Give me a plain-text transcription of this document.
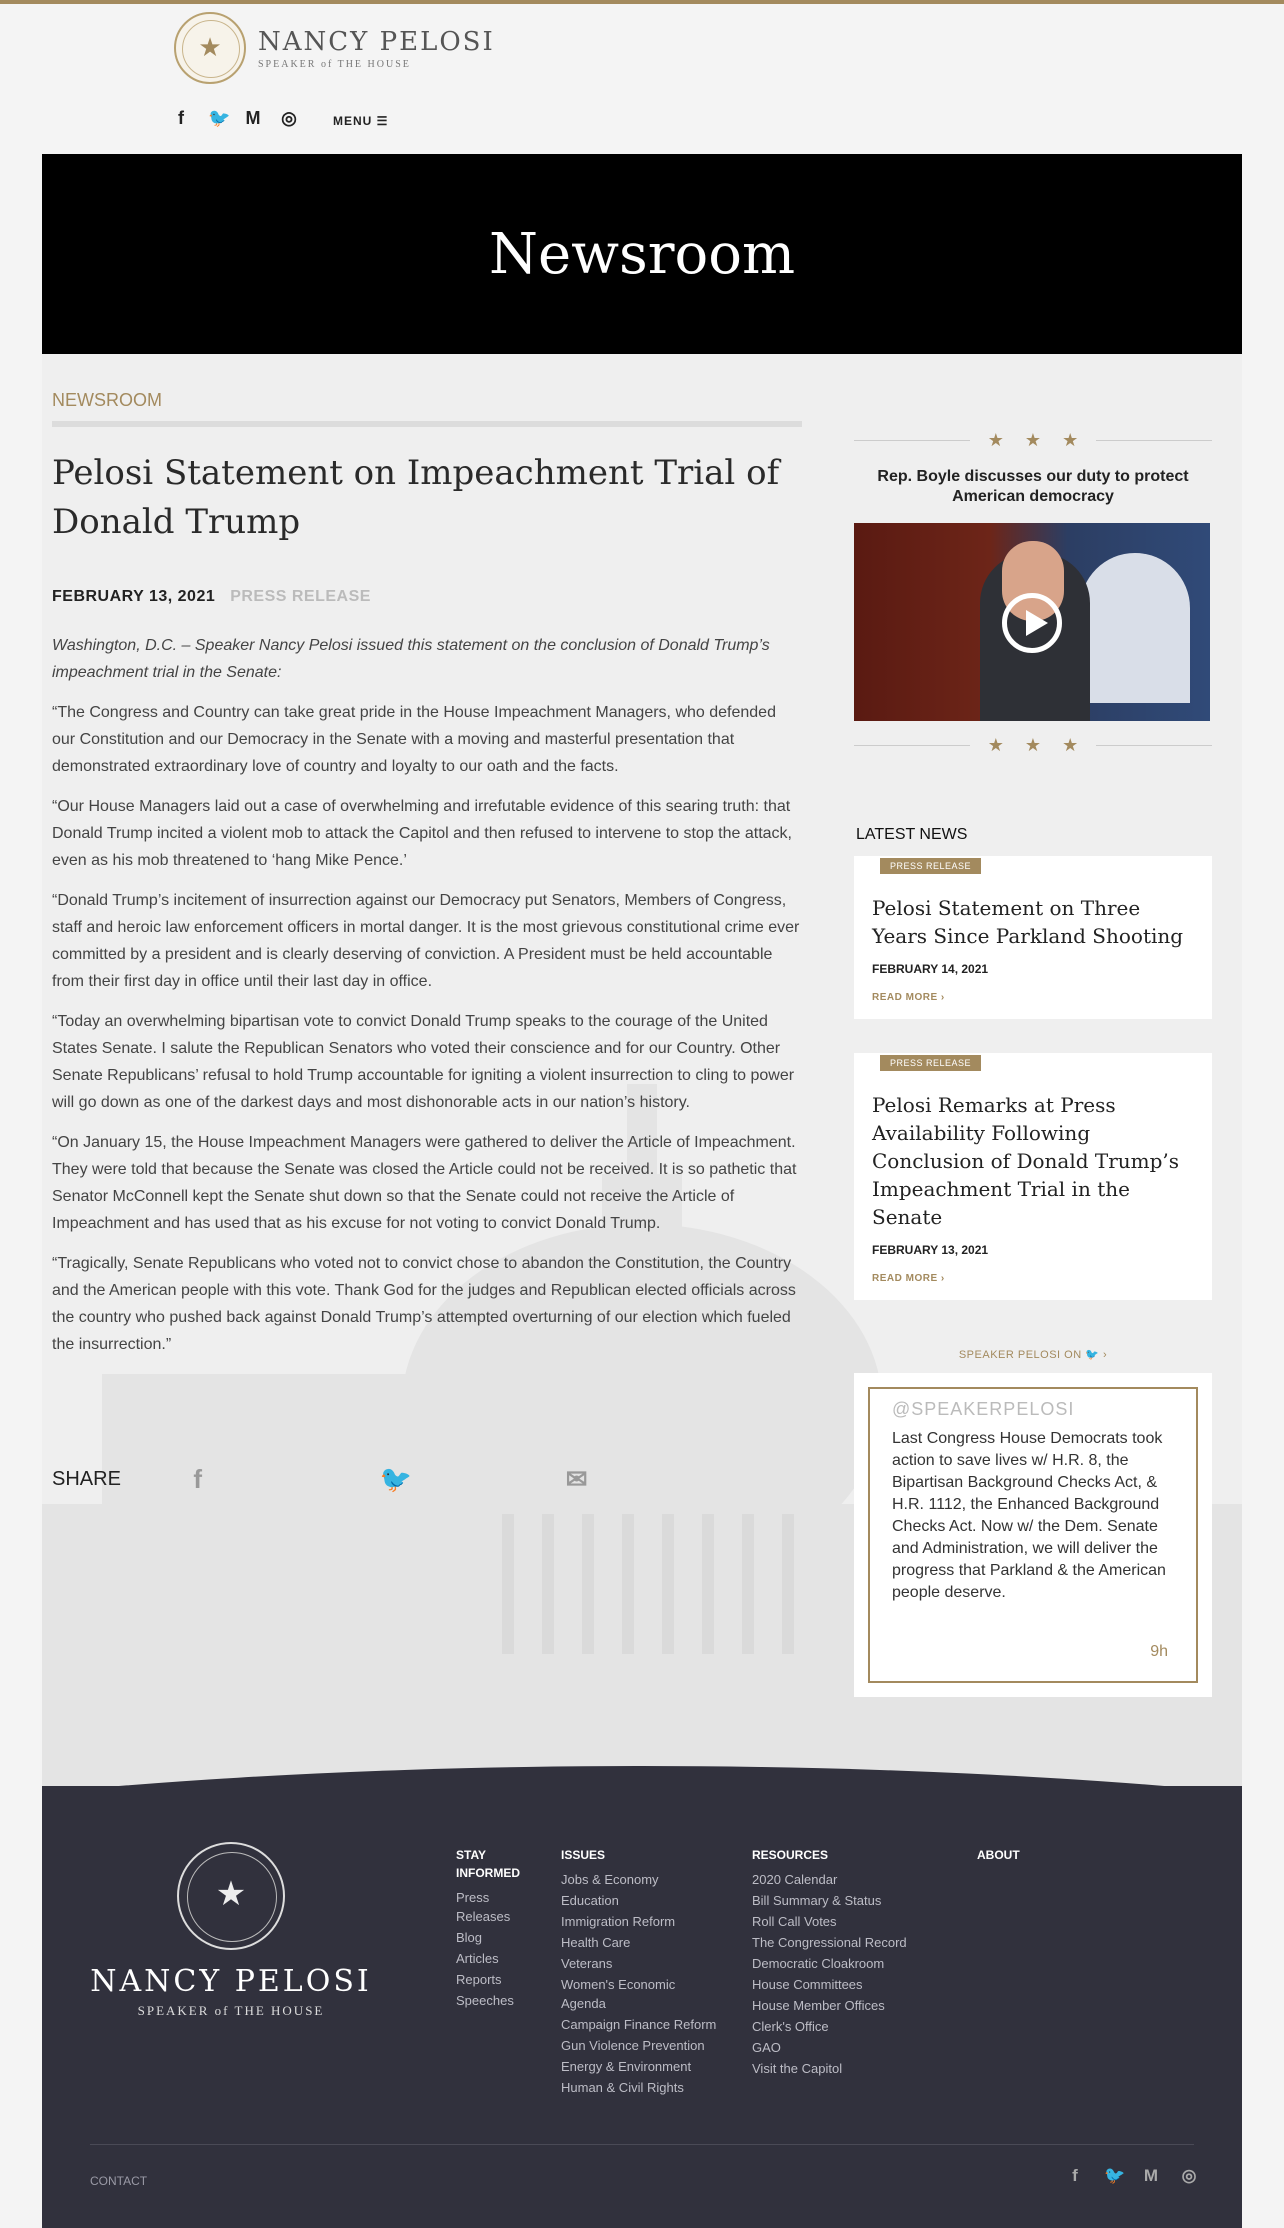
★
NANCY PELOSI
SPEAKER of THE HOUSE
f	🐦 M ◎	MENU ☰
Newsroom
NEWSROOM
Pelosi Statement on Impeachment Trial of Donald Trump
FEBRUARY 13, 2021 PRESS RELEASE

Washington, D.C. – Speaker Nancy Pelosi issued this statement on the conclusion of Donald Trump’s impeachment trial in the Senate:

“The Congress and Country can take great pride in the House Impeachment Managers, who defended our Constitution and our Democracy in the Senate with a moving and masterful presentation that demonstrated extraordinary love of country and loyalty to our oath and the facts.

“Our House Managers laid out a case of overwhelming and irrefutable evidence of this searing truth: that Donald Trump incited a violent mob to attack the Capitol and then refused to intervene to stop the attack, even as his mob threatened to ‘hang Mike Pence.’

“Donald Trump’s incitement of insurrection against our Democracy put Senators, Members of Congress, staff and heroic law enforcement officers in mortal danger. It is the most grievous constitutional crime ever committed by a president and is clearly deserving of conviction. A President must be held accountable from their first day in office until their last day in office.

“Today an overwhelming bipartisan vote to convict Donald Trump speaks to the courage of the United States Senate. I salute the Republican Senators who voted their conscience and for our Country. Other Senate Republicans’ refusal to hold Trump accountable for igniting a violent insurrection to cling to power will go down as one of the darkest days and most dishonorable acts in our nation’s history.

“On January 15, the House Impeachment Managers were gathered to deliver the Article of Impeachment. They were told that because the Senate was closed the Article could not be received. It is so pathetic that Senator McConnell kept the Senate shut down so that the Senate could not receive the Article of Impeachment and has used that as his excuse for not voting to convict Donald Trump.

“Tragically, Senate Republicans who voted not to convict chose to abandon the Constitution, the Country and the American people with this vote. Thank God for the judges and Republican elected officials across the country who pushed back against Donald Trump’s attempted overturning of our election which fueled the insurrection.”

SHARE	f	🐦	✉
★ ★ ★
Rep. Boyle discusses our duty to protect American democracy
★ ★ ★
LATEST NEWS
PRESS RELEASE
Pelosi Statement on Three Years Since Parkland Shooting
FEBRUARY 14, 2021
READ MORE ›
PRESS RELEASE
Pelosi Remarks at Press Availability Following Conclusion of Donald Trump’s Impeachment Trial in the Senate
FEBRUARY 13, 2021
READ MORE ›
SPEAKER PELOSI ON 🐦 ›
@SPEAKERPELOSI
Last Congress House Democrats took action to save lives w/ H.R. 8, the Bipartisan Background Checks Act, & H.R. 1112, the Enhanced Background Checks Act. Now w/ the Dem. Senate and Administration, we will deliver the progress that Parkland & the American people deserve.
9h
★
NANCY PELOSI
SPEAKER of THE HOUSE
STAY INFORMED
Press Releases
Blog
Articles
Reports
Speeches
ISSUES
Jobs & Economy
Education
Immigration Reform
Health Care
Veterans
Women's Economic Agenda
Campaign Finance Reform
Gun Violence Prevention
Energy & Environment
Human & Civil Rights
RESOURCES
2020 Calendar
Bill Summary & Status
Roll Call Votes
The Congressional Record
Democratic Cloakroom
House Committees
House Member Offices
Clerk's Office
GAO
Visit the Capitol
ABOUT
CONTACT	f	🐦 M ◎
